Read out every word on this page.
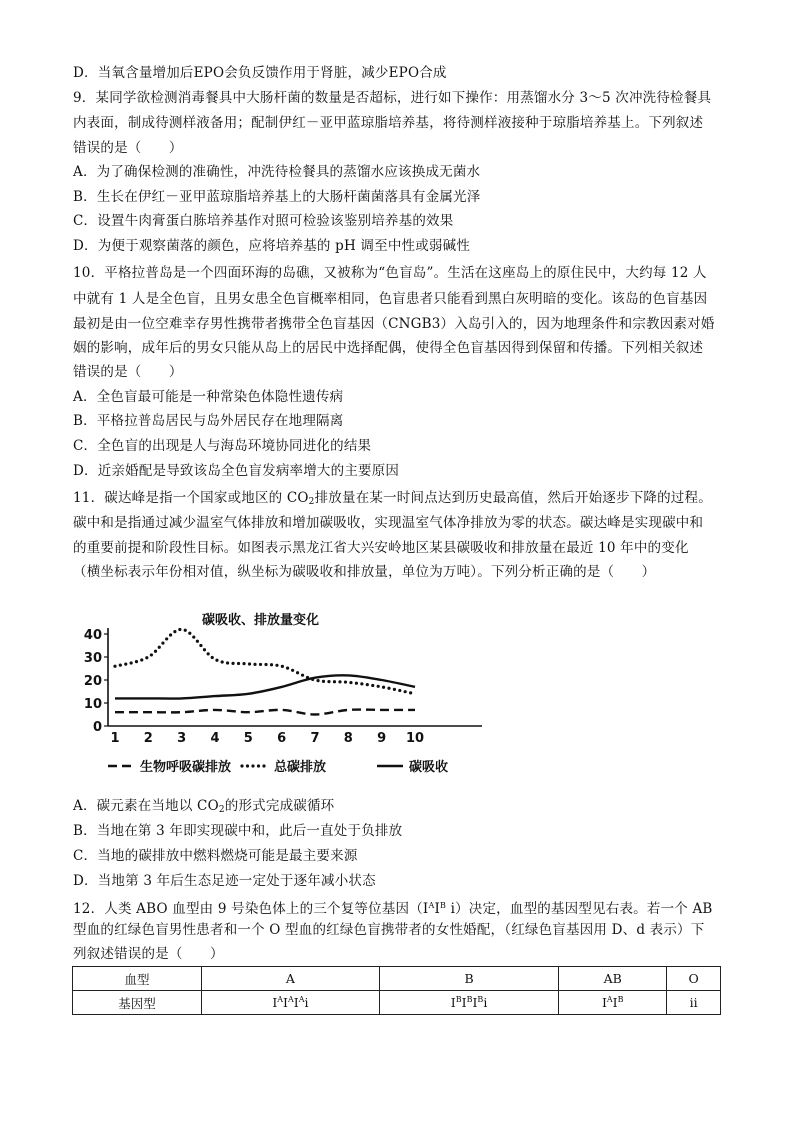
D．当氧含量增加后EPO会负反馈作用于肾脏，减少EPO合成
9．某同学欲检测消毒餐具中大肠杆菌的数量是否超标，进行如下操作：用蒸馏水分 3～5 次冲洗待检餐具
内表面，制成待测样液备用；配制伊红－亚甲蓝琼脂培养基，将待测样液接种于琼脂培养基上。下列叙述
错误的是（　　）
A．为了确保检测的准确性，冲洗待检餐具的蒸馏水应该换成无菌水
B．生长在伊红－亚甲蓝琼脂培养基上的大肠杆菌菌落具有金属光泽
C．设置牛肉膏蛋白胨培养基作对照可检验该鉴别培养基的效果
D．为便于观察菌落的颜色，应将培养基的 pH 调至中性或弱碱性
10．平格拉普岛是一个四面环海的岛礁，又被称为“色盲岛”。生活在这座岛上的原住民中，大约每 12 人
中就有 1 人是全色盲，且男女患全色盲概率相同，色盲患者只能看到黑白灰明暗的变化。该岛的色盲基因
最初是由一位空难幸存男性携带者携带全色盲基因（CNGB3）入岛引入的，因为地理条件和宗教因素对婚
姻的影响，成年后的男女只能从岛上的居民中选择配偶，使得全色盲基因得到保留和传播。下列相关叙述
错误的是（　　）
A．全色盲最可能是一种常染色体隐性遗传病
B．平格拉普岛居民与岛外居民存在地理隔离
C．全色盲的出现是人与海岛环境协同进化的结果
D．近亲婚配是导致该岛全色盲发病率增大的主要原因
11．碳达峰是指一个国家或地区的 $CO_2$排放量在某一时间点达到历史最高值，然后开始逐步下降的过程。
碳中和是指通过减少温室气体排放和增加碳吸收，实现温室气体净排放为零的状态。碳达峰是实现碳中和
的重要前提和阶段性目标。如图表示黑龙江省大兴安岭地区某县碳吸收和排放量在最近 10 年中的变化
（横坐标表示年份相对值，纵坐标为碳吸收和排放量，单位为万吨）。下列分析正确的是（　　）
0
10
20
30
40
1 2 3 4 5 6 7 8 9 10
生物呼吸碳排放	总碳排放	碳吸收
碳吸收、排放量变化
A．碳元素在当地以 $CO_2$的形式完成碳循环
B．当地在第 3 年即实现碳中和，此后一直处于负排放
C．当地的碳排放中燃料燃烧可能是最主要来源
D．当地第 3 年后生态足迹一定处于逐年减小状态
12．人类 ABO 血型由 9 号染色体上的三个复等位基因（$I^AI^B$ i）决定，血型的基因型见右表。若一个 AB
型血的红绿色盲男性患者和一个 O 型血的红绿色盲携带者的女性婚配，（红绿色盲基因用 D、d 表示）下
列叙述错误的是（　　）
血型	A	B	AB	O
基因型	$I^AI^AI^Ai$	$I^BI^BI^Bi$	$I^AI^B$	ii
